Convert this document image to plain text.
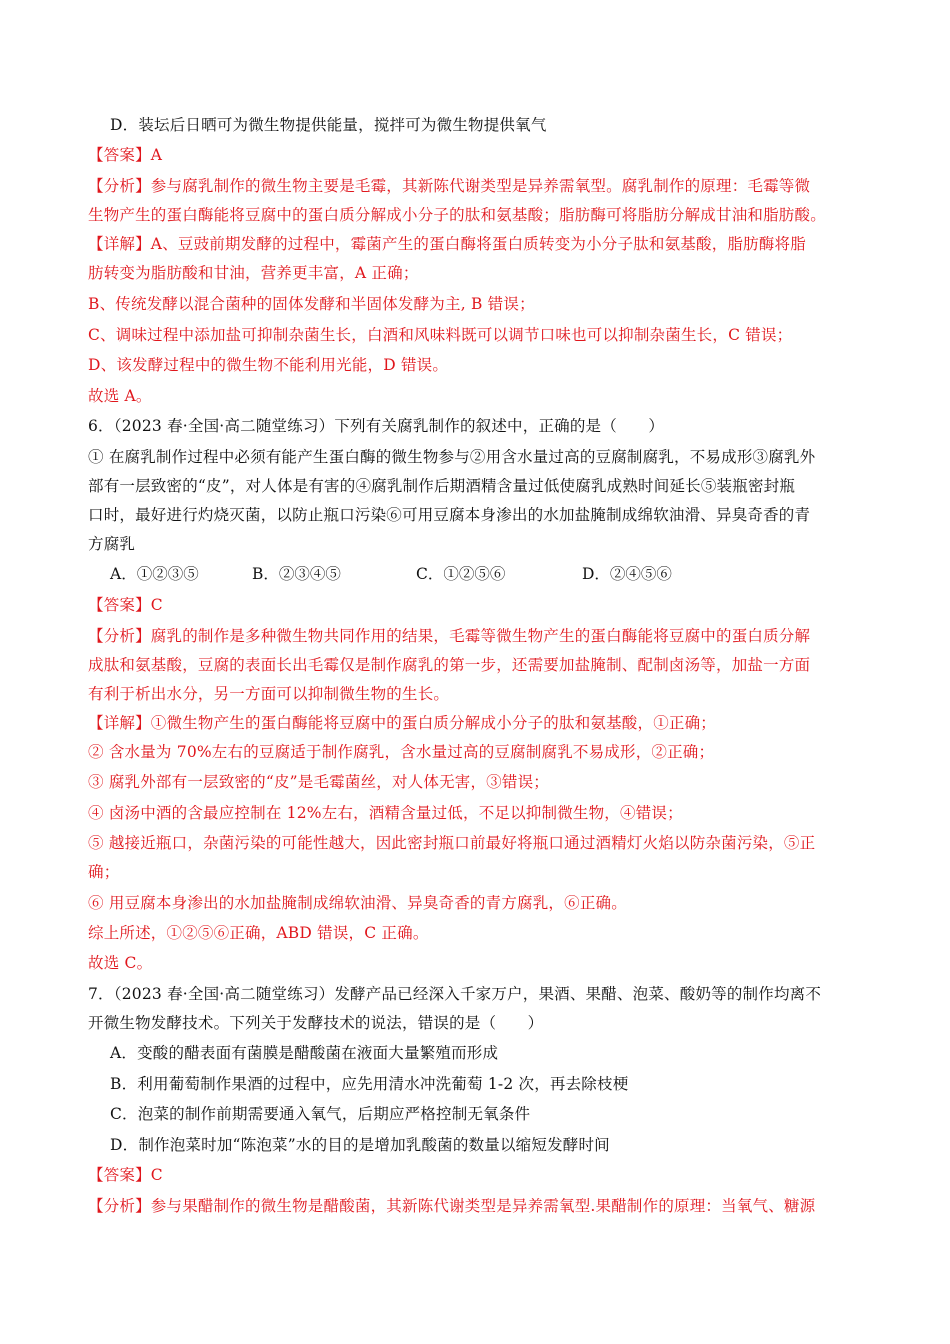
D．装坛后日晒可为微生物提供能量，搅拌可为微生物提供氧气
【答案】A
【分析】参与腐乳制作的微生物主要是毛霉，其新陈代谢类型是异养需氧型。腐乳制作的原理：毛霉等微
生物产生的蛋白酶能将豆腐中的蛋白质分解成小分子的肽和氨基酸；脂肪酶可将脂肪分解成甘油和脂肪酸。
【详解】A、豆豉前期发酵的过程中，霉菌产生的蛋白酶将蛋白质转变为小分子肽和氨基酸，脂肪酶将脂
肪转变为脂肪酸和甘油，营养更丰富，A 正确；
B、传统发酵以混合菌种的固体发酵和半固体发酵为主, B 错误；
C、调味过程中添加盐可抑制杂菌生长，白酒和风味料既可以调节口味也可以抑制杂菌生长，C 错误；
D、该发酵过程中的微生物不能利用光能，D 错误。
故选 A。
6．（2023 春·全国·高二随堂练习）下列有关腐乳制作的叙述中，正确的是（　　）
① 在腐乳制作过程中必须有能产生蛋白酶的微生物参与②用含水量过高的豆腐制腐乳，不易成形③腐乳外
部有一层致密的“皮”，对人体是有害的④腐乳制作后期酒精含量过低使腐乳成熟时间延长⑤装瓶密封瓶
口时，最好进行灼烧灭菌，以防止瓶口污染⑥可用豆腐本身渗出的水加盐腌制成绵软油滑、异臭奇香的青
方腐乳
A．①②③⑤	B．②③④⑤	C．①②⑤⑥	D．②④⑤⑥
【答案】C
【分析】腐乳的制作是多种微生物共同作用的结果，毛霉等微生物产生的蛋白酶能将豆腐中的蛋白质分解
成肽和氨基酸，豆腐的表面长出毛霉仅是制作腐乳的第一步，还需要加盐腌制、配制卤汤等，加盐一方面
有利于析出水分，另一方面可以抑制微生物的生长。
【详解】①微生物产生的蛋白酶能将豆腐中的蛋白质分解成小分子的肽和氨基酸，①正确；
② 含水量为 70%左右的豆腐适于制作腐乳，含水量过高的豆腐制腐乳不易成形，②正确；
③ 腐乳外部有一层致密的“皮”是毛霉菌丝，对人体无害，③错误；
④ 卤汤中酒的含最应控制在 12%左右，酒精含量过低，不足以抑制微生物，④错误；
⑤ 越接近瓶口，杂菌污染的可能性越大，因此密封瓶口前最好将瓶口通过酒精灯火焰以防杂菌污染，⑤正
确；
⑥ 用豆腐本身渗出的水加盐腌制成绵软油滑、异臭奇香的青方腐乳，⑥正确。
综上所述，①②⑤⑥正确，ABD 错误，C 正确。
故选 C。
7．（2023 春·全国·高二随堂练习）发酵产品已经深入千家万户，果酒、果醋、泡菜、酸奶等的制作均离不
开微生物发酵技术。下列关于发酵技术的说法，错误的是（　　）
A．变酸的醋表面有菌膜是醋酸菌在液面大量繁殖而形成
B．利用葡萄制作果酒的过程中，应先用清水冲洗葡萄 1-2 次，再去除枝梗
C．泡菜的制作前期需要通入氧气，后期应严格控制无氧条件
D．制作泡菜时加“陈泡菜”水的目的是增加乳酸菌的数量以缩短发酵时间
【答案】C
【分析】参与果醋制作的微生物是醋酸菌，其新陈代谢类型是异养需氧型.果醋制作的原理：当氧气、糖源
